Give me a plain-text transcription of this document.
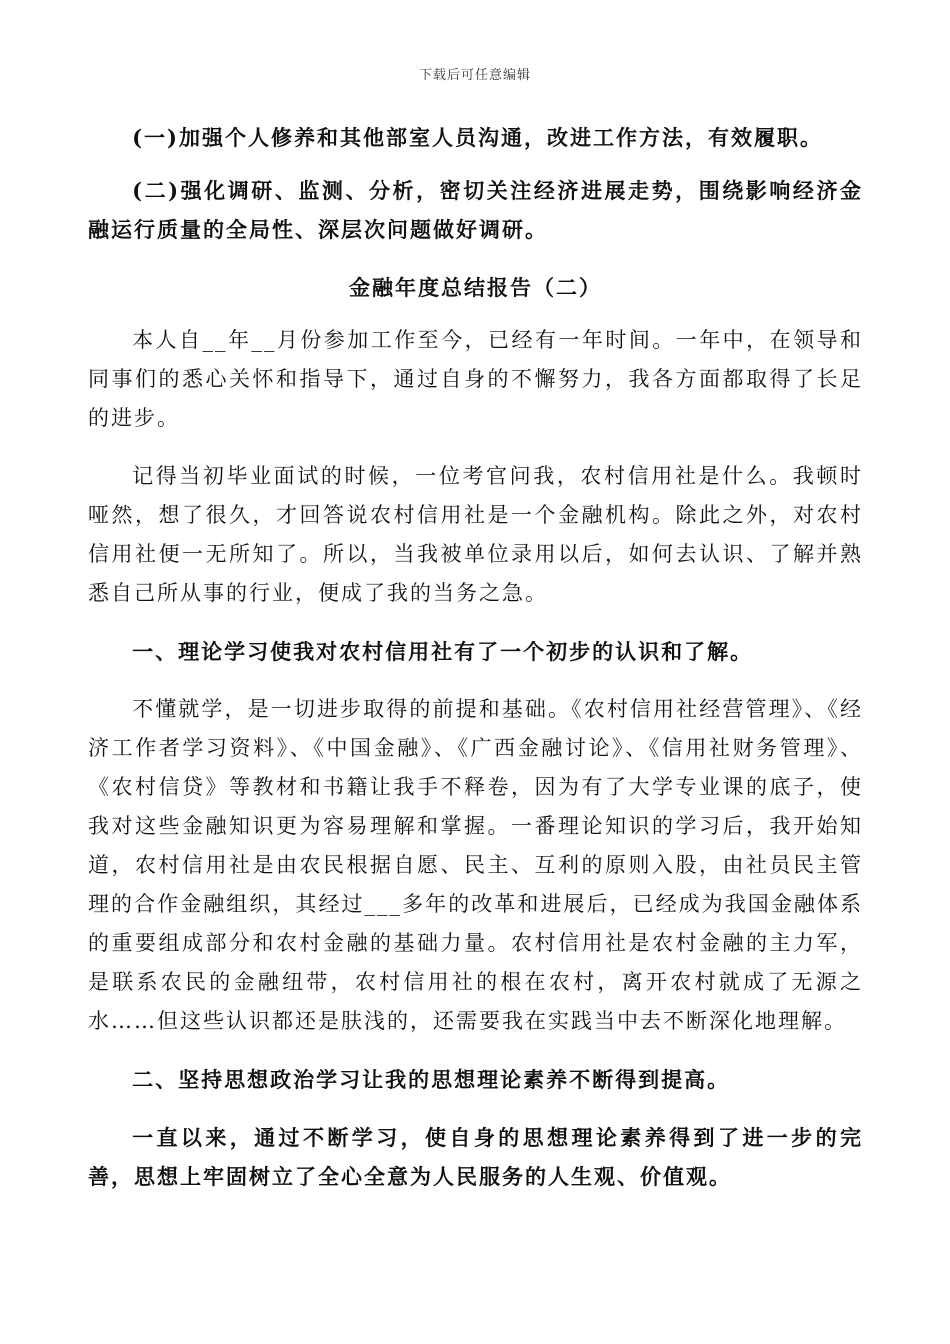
下载后可任意编辑

(一)加强个人修养和其他部室人员沟通，改进工作方法，有效履职。

(二)强化调研、监测、分析，密切关注经济进展走势，围绕影响经济金融运行质量的全局性、深层次问题做好调研。

金融年度总结报告（二）

本人自__年__月份参加工作至今，已经有一年时间。一年中，在领导和同事们的悉心关怀和指导下，通过自身的不懈努力，我各方面都取得了长足的进步。

记得当初毕业面试的时候，一位考官问我，农村信用社是什么。我顿时哑然，想了很久，才回答说农村信用社是一个金融机构。除此之外，对农村信用社便一无所知了。所以，当我被单位录用以后，如何去认识、了解并熟悉自己所从事的行业，便成了我的当务之急。

一、理论学习使我对农村信用社有了一个初步的认识和了解。

不懂就学，是一切进步取得的前提和基础。《农村信用社经营管理》、《经济工作者学习资料》、《中国金融》、《广西金融讨论》、《信用社财务管理》、《农村信贷》等教材和书籍让我手不释卷，因为有了大学专业课的底子，使我对这些金融知识更为容易理解和掌握。一番理论知识的学习后，我开始知道，农村信用社是由农民根据自愿、民主、互利的原则入股，由社员民主管理的合作金融组织，其经过___多年的改革和进展后，已经成为我国金融体系的重要组成部分和农村金融的基础力量。农村信用社是农村金融的主力军，是联系农民的金融纽带，农村信用社的根在农村，离开农村就成了无源之水……但这些认识都还是肤浅的，还需要我在实践当中去不断深化地理解。

二、坚持思想政治学习让我的思想理论素养不断得到提高。

一直以来，通过不断学习，使自身的思想理论素养得到了进一步的完善，思想上牢固树立了全心全意为人民服务的人生观、价值观。
